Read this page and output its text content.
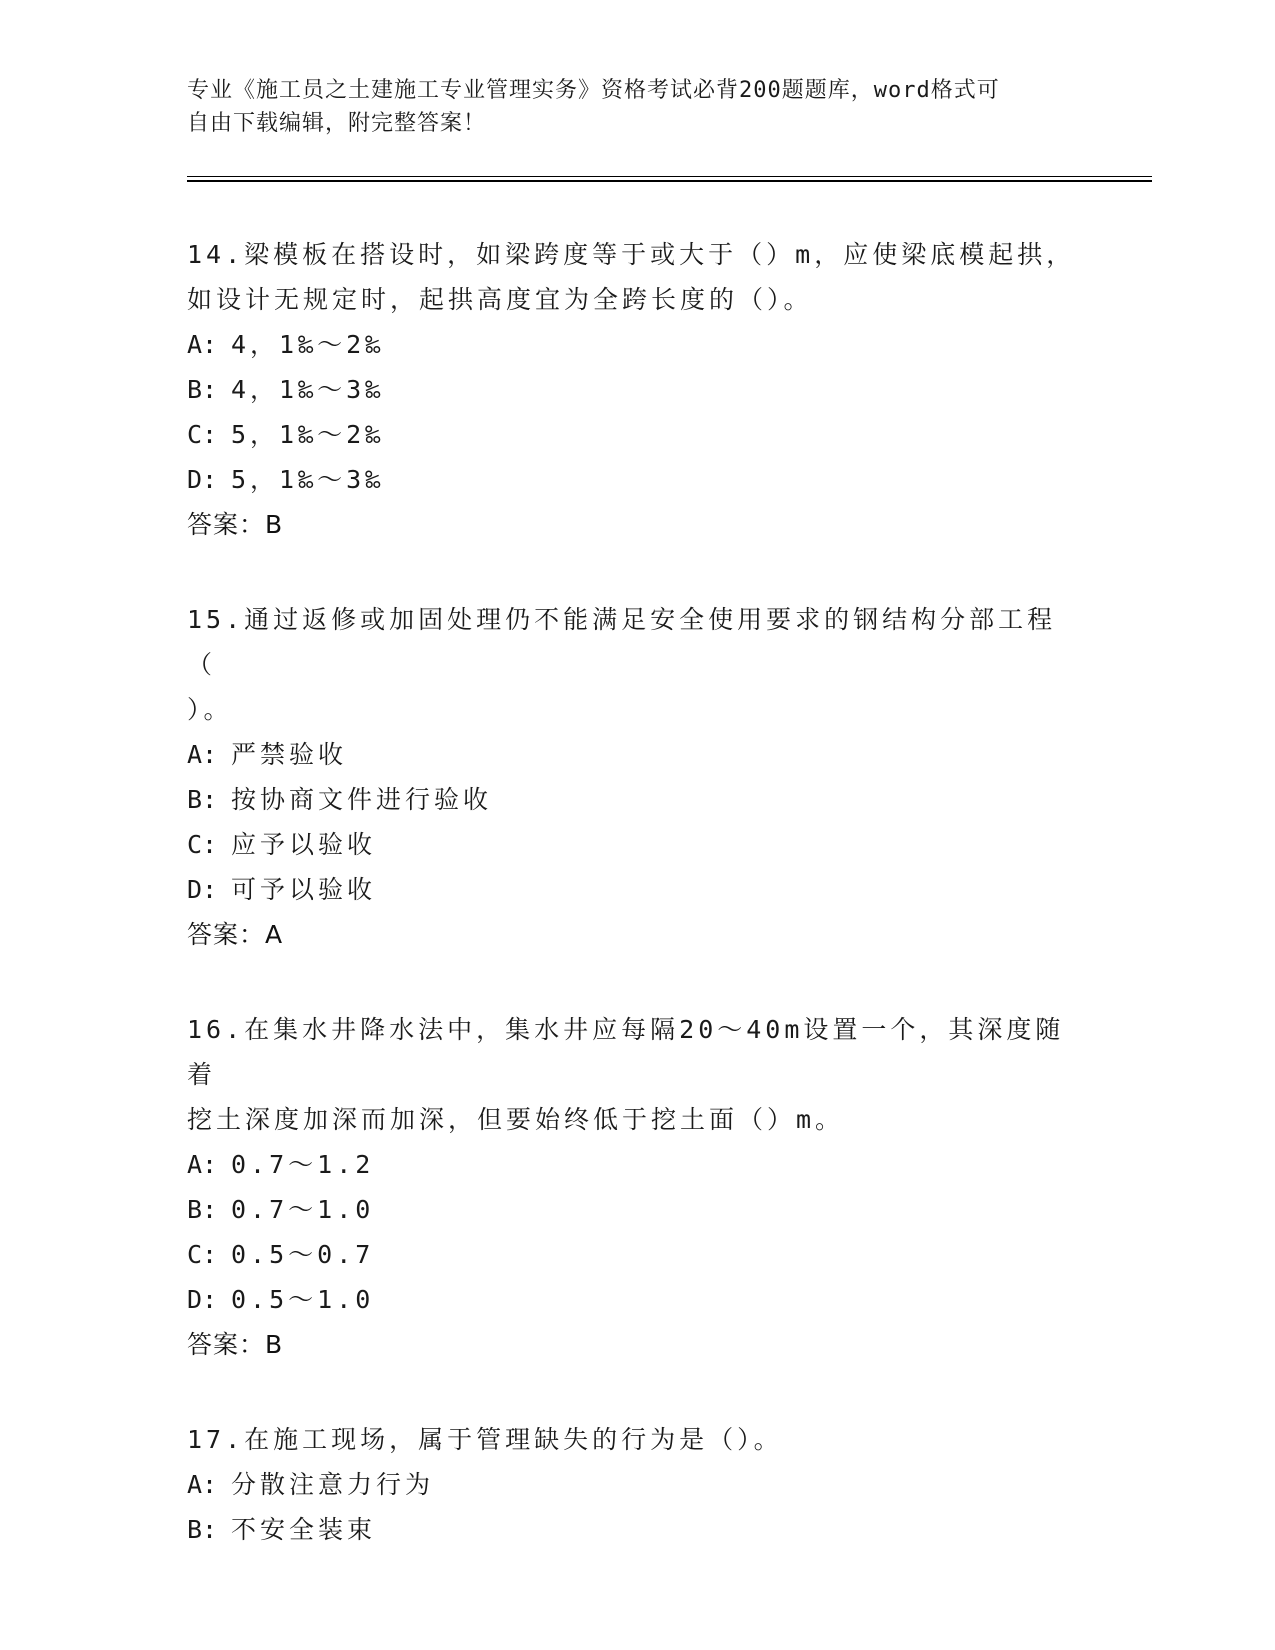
专业《施工员之土建施工专业管理实务》资格考试必背200题题库，word格式可
自由下载编辑，附完整答案！
14.梁模板在搭设时，如梁跨度等于或大于（）m，应使梁底模起拱，
如设计无规定时，起拱高度宜为全跨长度的（）。
A: 4，1‰～2‰
B: 4，1‰～3‰
C: 5，1‰～2‰
D: 5，1‰～3‰
答案：B
15.通过返修或加固处理仍不能满足安全使用要求的钢结构分部工程（
）。
A: 严禁验收
B: 按协商文件进行验收
C: 应予以验收
D: 可予以验收
答案：A
16.在集水井降水法中，集水井应每隔20～40m设置一个，其深度随着
挖土深度加深而加深，但要始终低于挖土面（）m。
A: 0.7～1.2
B: 0.7～1.0
C: 0.5～0.7
D: 0.5～1.0
答案：B
17.在施工现场，属于管理缺失的行为是（）。
A: 分散注意力行为
B: 不安全装束
